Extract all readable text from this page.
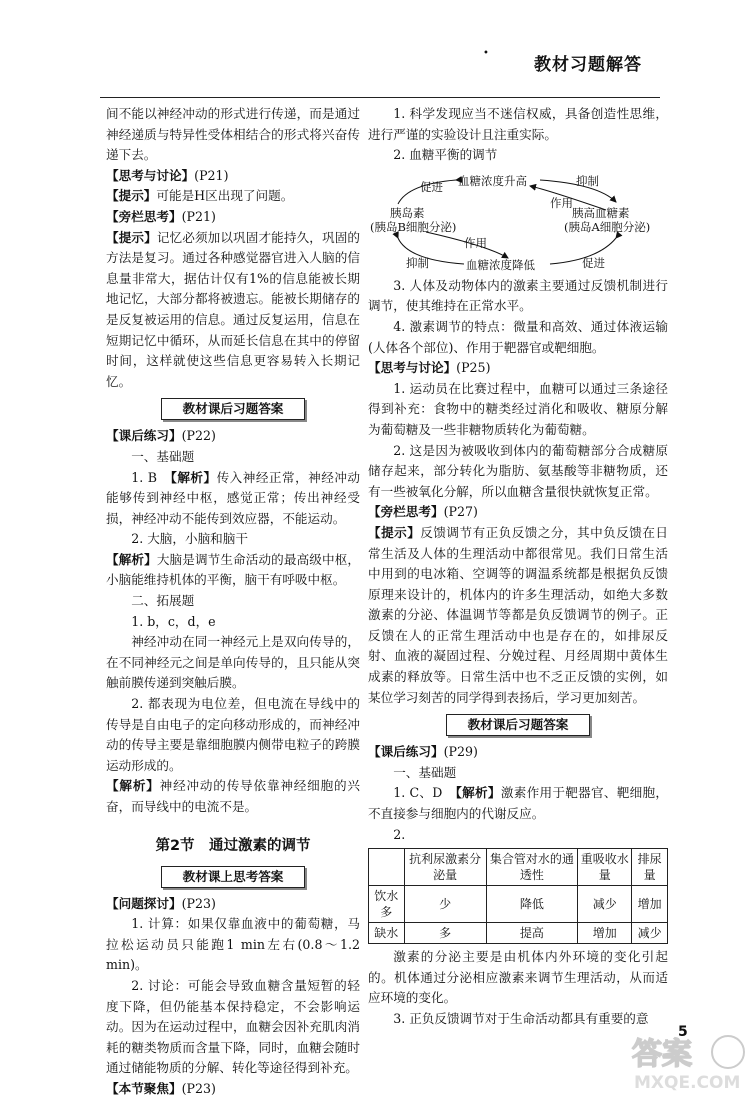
•
教材习题解答

间不能以神经冲动的形式进行传递，而是通过神经递质与特异性受体相结合的形式将兴奋传递下去。

【思考与讨论】(P21)

【提示】可能是H区出现了问题。

【旁栏思考】(P21)

【提示】记忆必须加以巩固才能持久，巩固的方法是复习。通过各种感觉器官进入人脑的信息量非常大，据估计仅有1%的信息能被长期地记忆，大部分都将被遗忘。能被长期储存的是反复被运用的信息。通过反复运用，信息在短期记忆中循环，从而延长信息在其中的停留时间，这样就使这些信息更容易转入长期记忆。

教材课后习题答案

【课后练习】(P22)

一、基础题

1. B　 【解析】传入神经正常，神经冲动能够传到神经中枢，感觉正常；传出神经受损，神经冲动不能传到效应器，不能运动。

2. 大脑，小脑和脑干

【解析】大脑是调节生命活动的最高级中枢，小脑能维持机体的平衡，脑干有呼吸中枢。

二、拓展题

1. b，c，d，e

神经冲动在同一神经元上是双向传导的，在不同神经元之间是单向传导的，且只能从突触前膜传递到突触后膜。

2. 都表现为电位差，但电流在导线中的传导是自由电子的定向移动形成的，而神经冲动的传导主要是靠细胞膜内侧带电粒子的跨膜运动形成的。

【解析】神经冲动的传导依靠神经细胞的兴奋，而导线中的电流不是。

第2节　通过激素的调节
教材课上思考答案

【问题探讨】(P23)

1. 计算：如果仅靠血液中的葡萄糖，马拉松运动员只能跑1 min左右(0.8～1.2 min)。

2. 讨论：可能会导致血糖含量短暂的轻度下降，但仍能基本保持稳定，不会影响运动。因为在运动过程中，血糖会因补充肌肉消耗的糖类物质而含量下降，同时，血糖会随时通过储能物质的分解、转化等途径得到补充。

【本节聚焦】(P23)

1. 科学发现应当不迷信权威，具备创造性思维，进行严谨的实验设计且注重实际。

2. 血糖平衡的调节

血糖浓度升高
促进	抑制
胰岛素
(胰岛B细胞分泌)
胰高血糖素
(胰岛A细胞分泌)
作用
作用
抑制	血糖浓度降低	促进

3. 人体及动物体内的激素主要通过反馈机制进行调节，使其维持在正常水平。

4. 激素调节的特点：微量和高效、通过体液运输(人体各个部位)、作用于靶器官或靶细胞。

【思考与讨论】(P25)

1. 运动员在比赛过程中，血糖可以通过三条途径得到补充：食物中的糖类经过消化和吸收、糖原分解为葡萄糖及一些非糖物质转化为葡萄糖。

2. 这是因为被吸收到体内的葡萄糖部分合成糖原储存起来，部分转化为脂肪、氨基酸等非糖物质，还有一些被氧化分解，所以血糖含量很快就恢复正常。

【旁栏思考】(P27)

【提示】反馈调节有正负反馈之分，其中负反馈在日常生活及人体的生理活动中都很常见。我们日常生活中用到的电冰箱、空调等的调温系统都是根据负反馈原理来设计的，机体内的许多生理活动，如绝大多数激素的分泌、体温调节等都是负反馈调节的例子。正反馈在人的正常生理活动中也是存在的，如排尿反射、血液的凝固过程、分娩过程、月经周期中黄体生成素的释放等。日常生活中也不乏正反馈的实例，如某位学习刻苦的同学得到表扬后，学习更加刻苦。

教材课后习题答案

【课后练习】(P29)

一、基础题

1. C、D　 【解析】激素作用于靶器官、靶细胞，不直接参与细胞内的代谢反应。

2.

	抗利尿激素分泌量	集合管对水的通透性	重吸收水量	排尿量
饮水多	少	降低	减少	增加
缺水	多	提高	增加	减少

激素的分泌主要是由机体内外环境的变化引起的。机体通过分泌相应激素来调节生理活动，从而适应环境的变化。

3. 正负反馈调节对于生命活动都具有重要的意

5
答案
MXQE.COM
